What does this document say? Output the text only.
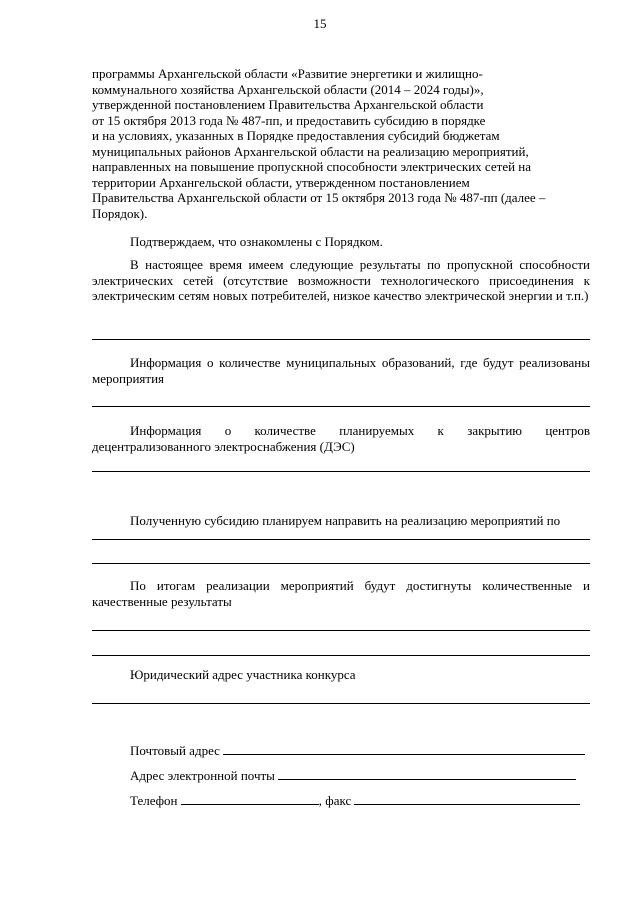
15
программы Архангельской области «Развитие энергетики и жилищно-
коммунального хозяйства Архангельской области (2014 – 2024 годы)»,
утвержденной постановлением Правительства Архангельской области
от 15 октября 2013 года № 487-пп, и предоставить субсидию в порядке
и на условиях, указанных в Порядке предоставления субсидий бюджетам
муниципальных районов Архангельской области на реализацию мероприятий,
направленных на повышение пропускной способности электрических сетей на
территории Архангельской области, утвержденном постановлением
Правительства Архангельской области от 15 октября 2013 года № 487-пп (далее –
Порядок).
Подтверждаем, что ознакомлены с Порядком.
В настоящее время имеем следующие результаты по пропускной способности электрических сетей (отсутствие возможности технологического присоединения к электрическим сетям новых потребителей, низкое качество электрической энергии и т.п.)
Информация о количестве муниципальных образований, где будут реализованы мероприятия
Информация о количестве планируемых к закрытию центров децентрализованного электроснабжения (ДЭС)
Полученную субсидию планируем направить на реализацию мероприятий по
По итогам реализации мероприятий будут достигнуты количественные и качественные результаты
Юридический адрес участника конкурса
Почтовый адрес
Адрес электронной почты
Телефон	, факс
